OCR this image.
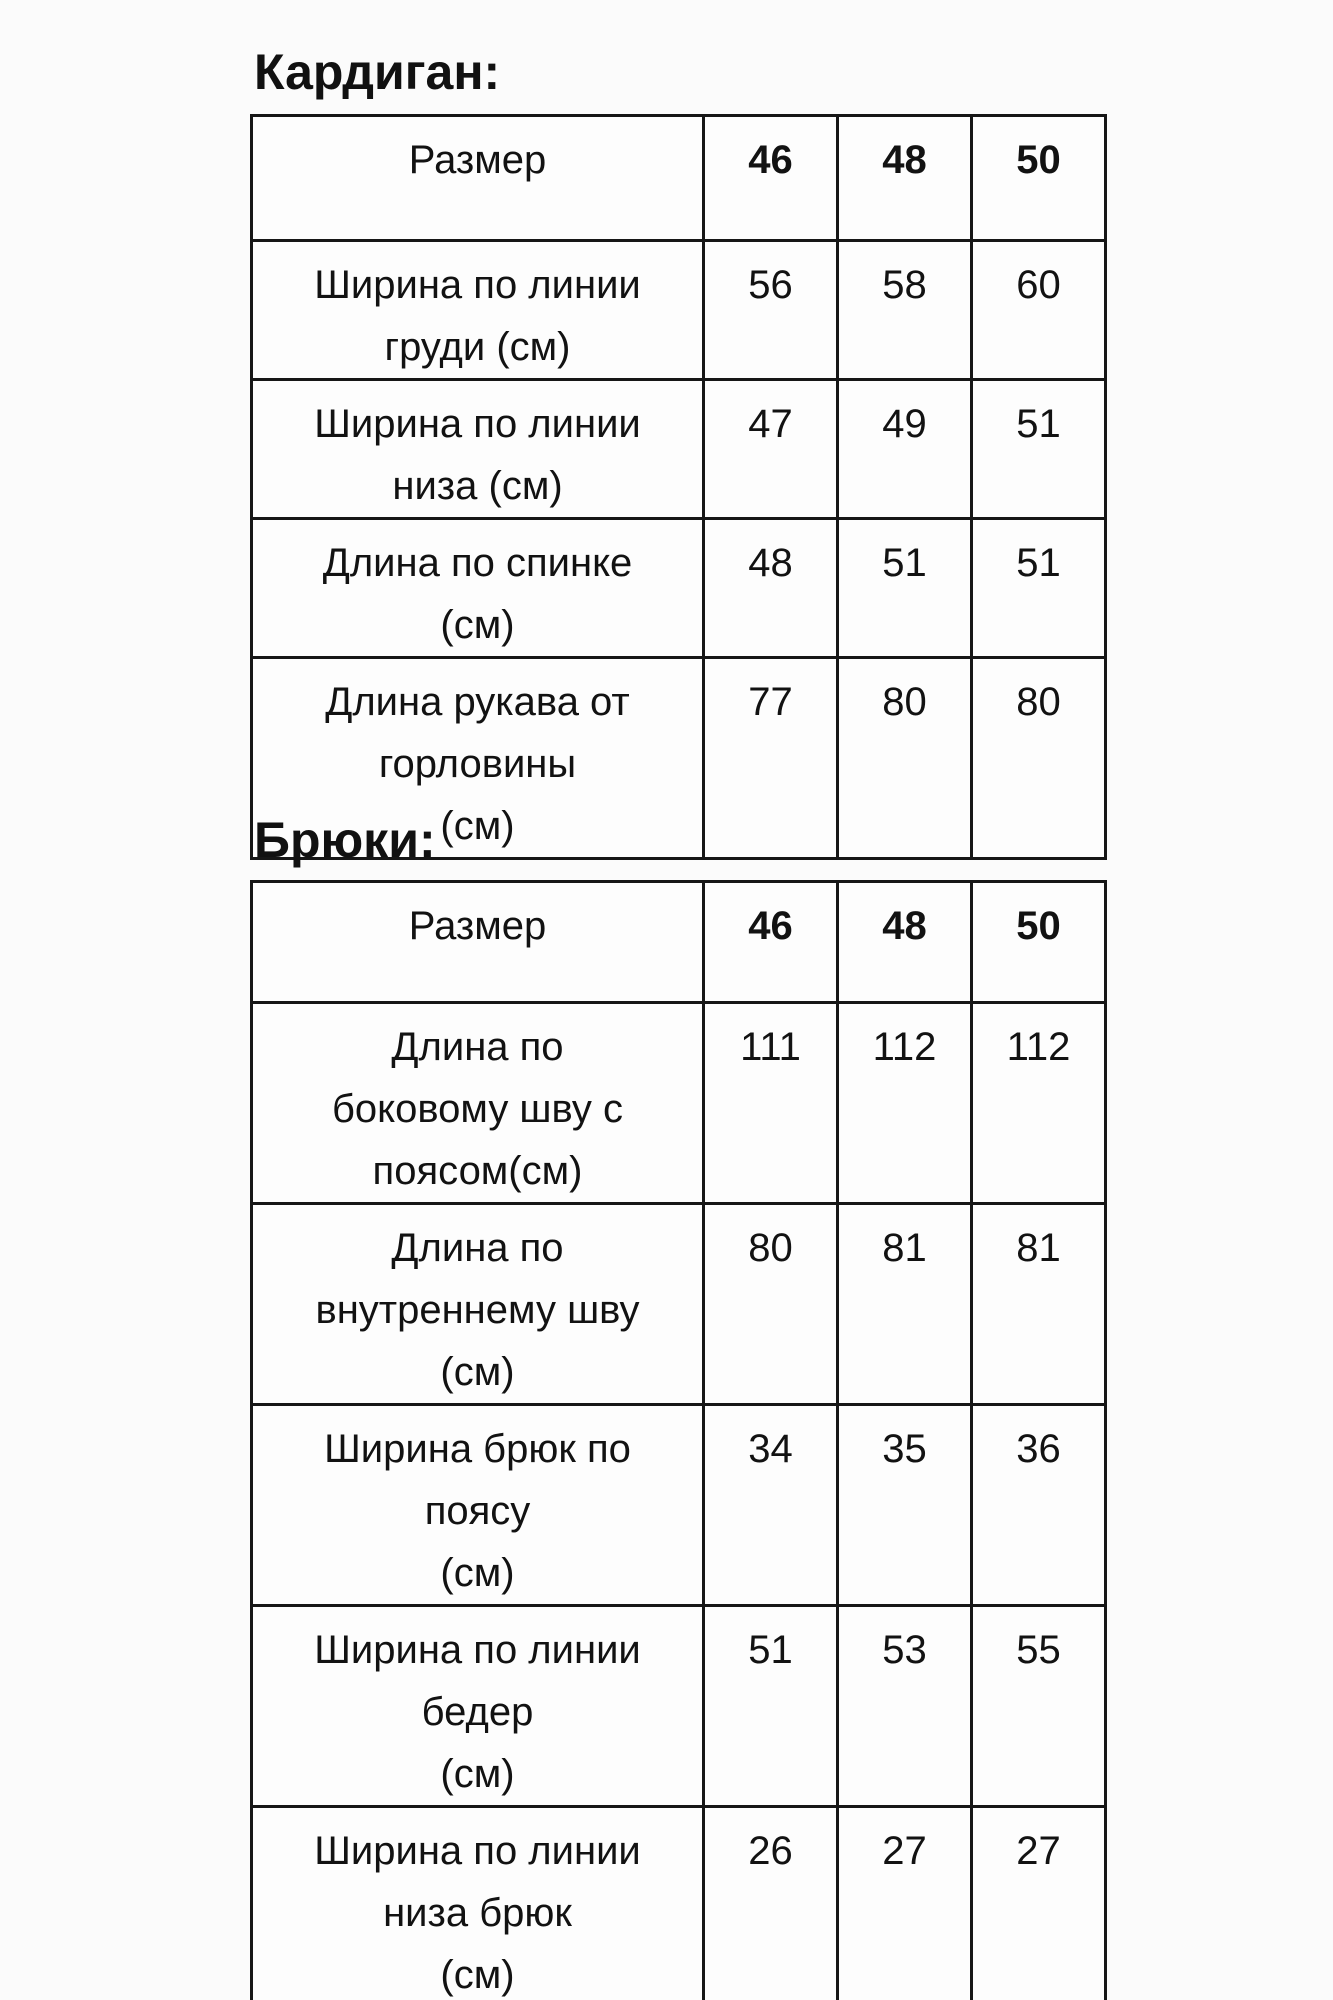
Кардиган:
Размер	46	48	50

Ширина по линии
груди (см)	56	58	60

Ширина по линии
низа (см)	47	49	51

Длина по спинке
(см)	48	51	51

Длина рукава от
горловины
(см)	77	80	80
Брюки:
Размер	46	48	50

Длина по
боковому шву с
поясом(см)	111	112	112

Длина по
внутреннему шву
(см)	80	81	81

Ширина брюк по
поясу
(см)	34	35	36

Ширина по линии
бедер
(см)	51	53	55

Ширина по линии
низа брюк
(см)	26	27	27
